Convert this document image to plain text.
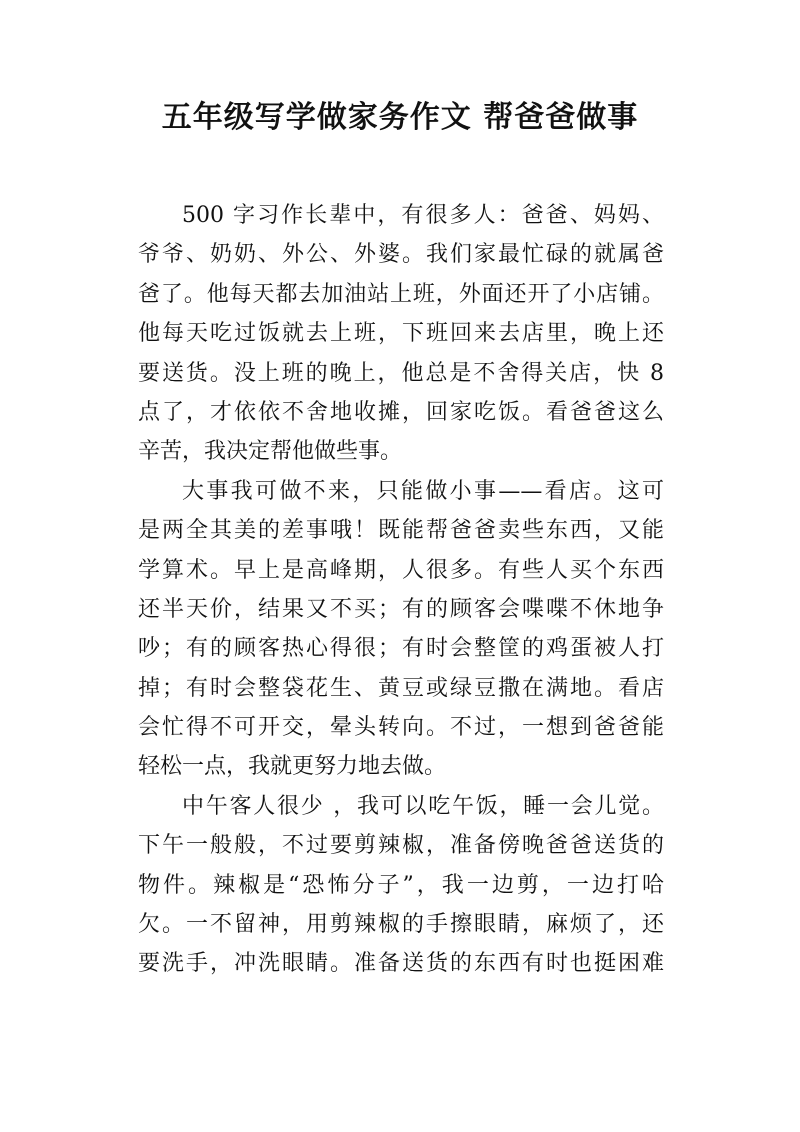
五年级写学做家务作文 帮爸爸做事
500 字习作长辈中，有很多人：爸爸、妈妈、
爷爷、奶奶、外公、外婆。我们家最忙碌的就属爸
爸了。他每天都去加油站上班，外面还开了小店铺。
他每天吃过饭就去上班，下班回来去店里，晚上还
要送货。没上班的晚上，他总是不舍得关店，快 8
点了，才依依不舍地收摊，回家吃饭。看爸爸这么
辛苦，我决定帮他做些事。
大事我可做不来，只能做小事——看店。这可
是两全其美的差事哦！既能帮爸爸卖些东西，又能
学算术。早上是高峰期，人很多。有些人买个东西
还半天价，结果又不买；有的顾客会喋喋不休地争
吵；有的顾客热心得很；有时会整筐的鸡蛋被人打
掉；有时会整袋花生、黄豆或绿豆撒在满地。看店
会忙得不可开交，晕头转向。不过，一想到爸爸能
轻松一点，我就更努力地去做。
中午客人很少 ，我可以吃午饭，睡一会儿觉。
下午一般般，不过要剪辣椒，准备傍晚爸爸送货的
物件。辣椒是“恐怖分子”，我一边剪，一边打哈
欠。一不留神，用剪辣椒的手擦眼睛，麻烦了，还
要洗手，冲洗眼睛。准备送货的东西有时也挺困难
